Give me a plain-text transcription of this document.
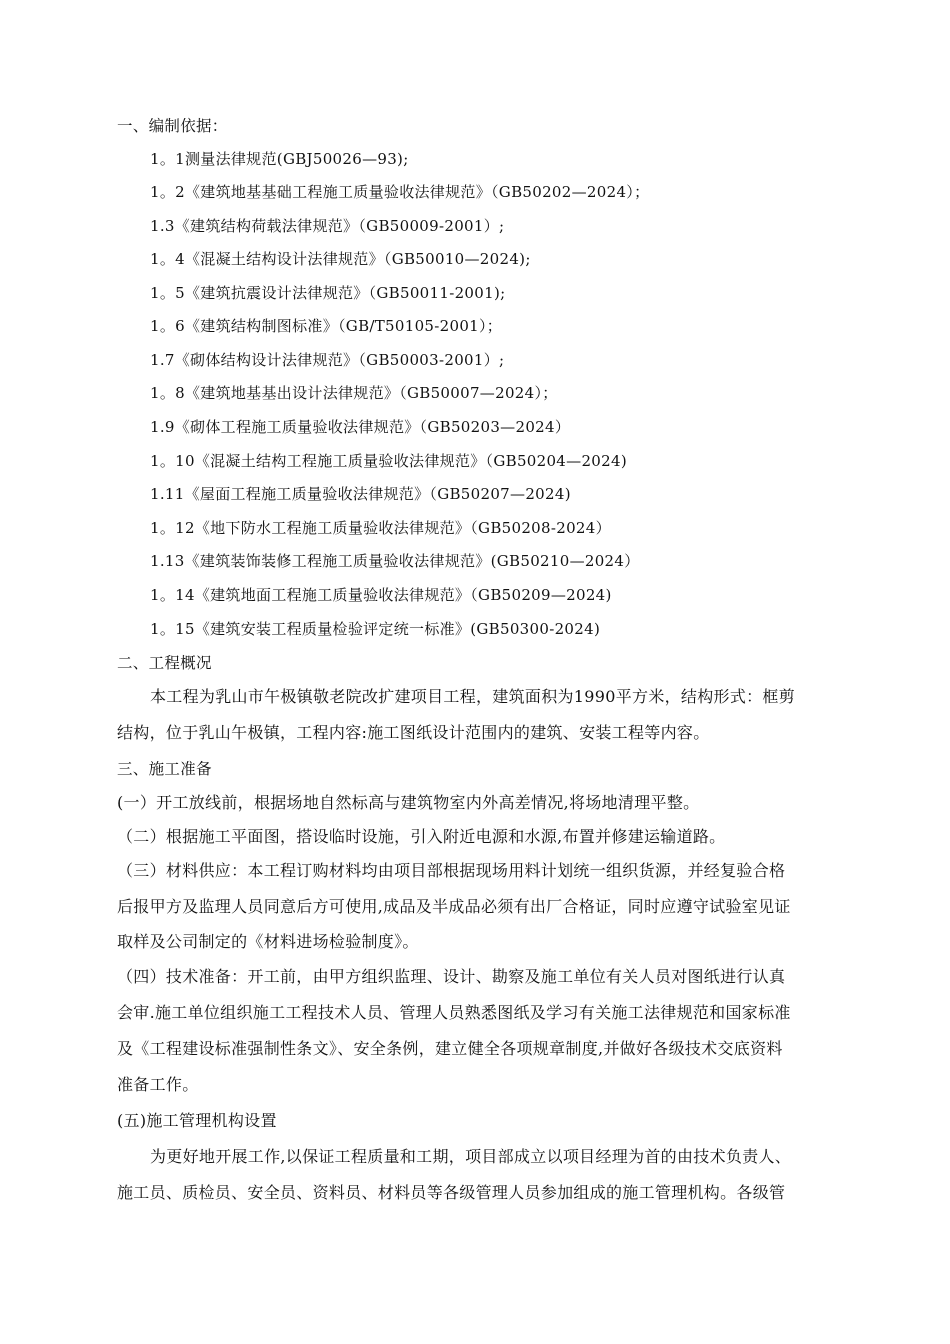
一、编制依据：
1。1测量法律规范(GBJ50026—93);
1。2《建筑地基基础工程施工质量验收法律规范》（GB50202—2024）；
1.3《建筑结构荷载法律规范》（GB50009-2001）;
1。4《混凝土结构设计法律规范》（GB50010—2024);
1。5《建筑抗震设计法律规范》（GB50011-2001);
1。6《建筑结构制图标准》（GB/T50105-2001）；
1.7《砌体结构设计法律规范》（GB50003-2001）;
1。8《建筑地基基出设计法律规范》（GB50007—2024）；
1.9《砌体工程施工质量验收法律规范》（GB50203—2024）
1。10《混凝土结构工程施工质量验收法律规范》（GB50204—2024)
1.11《屋面工程施工质量验收法律规范》（GB50207—2024)
1。12《地下防水工程施工质量验收法律规范》（GB50208-2024）
1.13《建筑装饰装修工程施工质量验收法律规范》(GB50210—2024）
1。14《建筑地面工程施工质量验收法律规范》（GB50209—2024)
1。15《建筑安装工程质量检验评定统一标准》(GB50300-2024)
二、工程概况
本工程为乳山市午极镇敬老院改扩建项目工程，建筑面积为1990平方米，结构形式：框剪
结构，位于乳山午极镇，工程内容:施工图纸设计范围内的建筑、安装工程等内容。
三、施工准备
(一）开工放线前，根据场地自然标高与建筑物室内外高差情况,将场地清理平整。
（二）根据施工平面图，搭设临时设施，引入附近电源和水源,布置并修建运输道路。
（三）材料供应：本工程订购材料均由项目部根据现场用料计划统一组织货源，并经复验合格
后报甲方及监理人员同意后方可使用,成品及半成品必须有出厂合格证，同时应遵守试验室见证
取样及公司制定的《材料进场检验制度》。
（四）技术准备：开工前，由甲方组织监理、设计、勘察及施工单位有关人员对图纸进行认真
会审.施工单位组织施工工程技术人员、管理人员熟悉图纸及学习有关施工法律规范和国家标准
及《工程建设标准强制性条文》、安全条例，建立健全各项规章制度,并做好各级技术交底资料
准备工作。
(五)施工管理机构设置
为更好地开展工作,以保证工程质量和工期，项目部成立以项目经理为首的由技术负责人、
施工员、质检员、安全员、资料员、材料员等各级管理人员参加组成的施工管理机构。各级管
